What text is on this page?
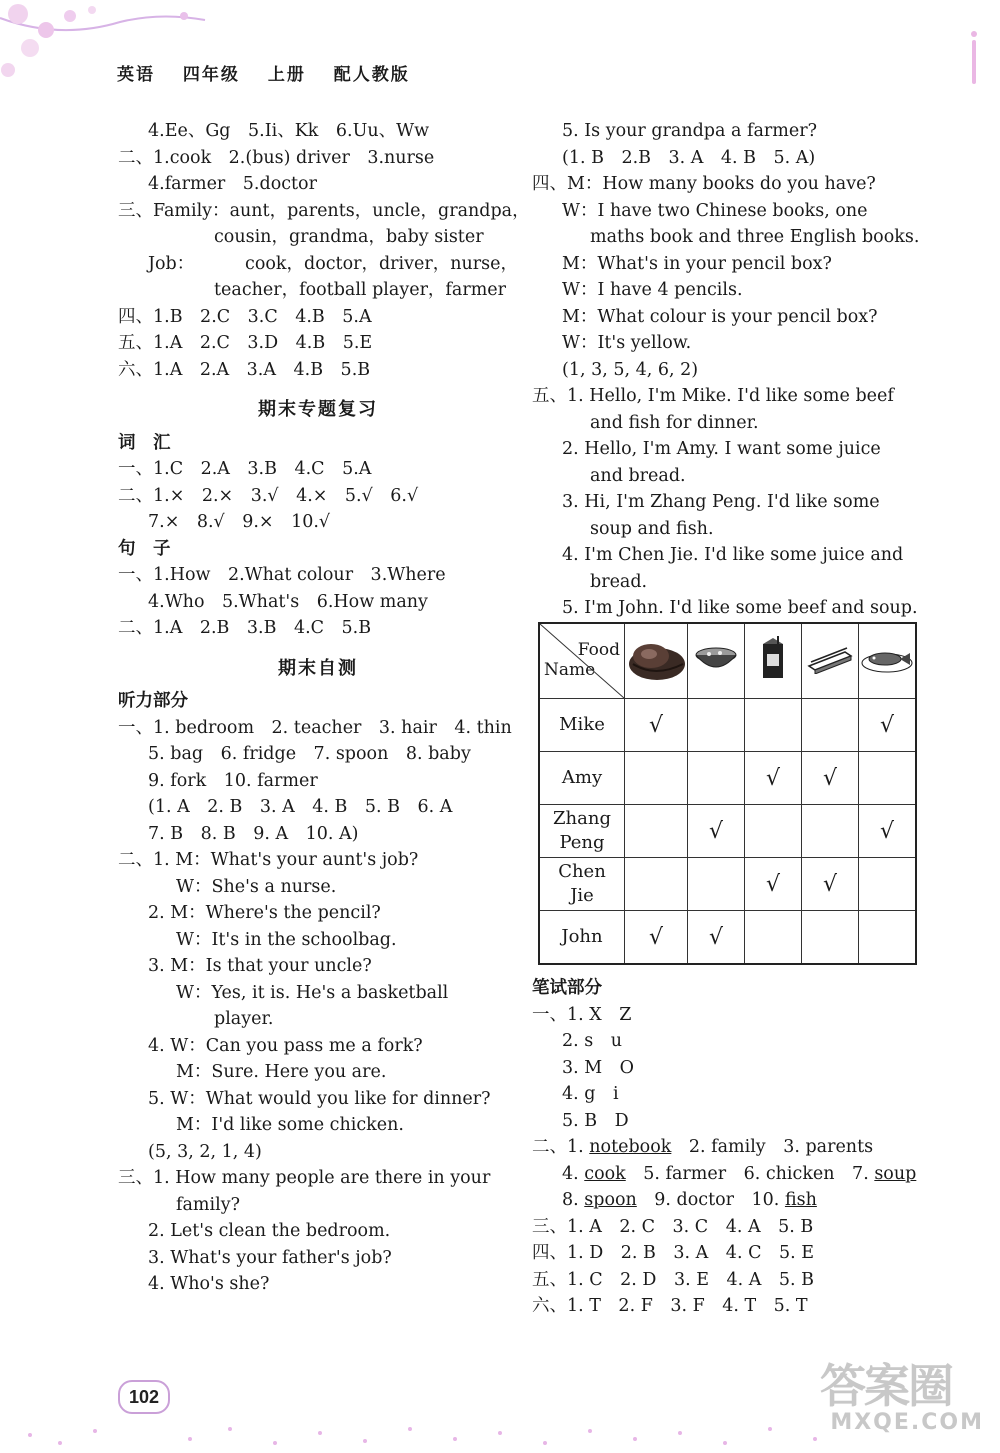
英语 四年级 上册 配人教版
4.Ee、Gg　5.Ii、Kk　6.Uu、Ww
二、1.cook　2.(bus) driver　3.nurse
4.farmer　5.doctor
三、Family： aunt，parents，uncle，grandpa，
cousin，grandma，baby sister
Job：	cook，doctor，driver，nurse，
teacher，football player，farmer
四、1.B　2.C　3.C　4.B　5.A
五、1.A　2.C　3.D　4.B　5.E
六、1.A　2.A　3.A　4.B　5.B
期末专题复习
词　汇
一、1.C　2.A　3.B　4.C　5.A
二、1.×　2.×　3.√　4.×　5.√　6.√
7.×　8.√　9.×　10.√
句　子
一、1.How　2.What colour　3.Where
4.Who　5.What's　6.How many
二、1.A　2.B　3.B　4.C　5.B
期末自测
听力部分
一、1. bedroom　2. teacher　3. hair　4. thin
5. bag　6. fridge　7. spoon　8. baby
9. fork　10. farmer
(1. A　2. B　3. A　4. B　5. B　6. A
7. B　8. B　9. A　10. A)
二、1. M：What's your aunt's job?
W：She's a nurse.
2. M：Where's the pencil?
W：It's in the schoolbag.
3. M：Is that your uncle?
W：Yes, it is. He's a basketball
player.
4. W：Can you pass me a fork?
M：Sure. Here you are.
5. W：What would you like for dinner?
M：I'd like some chicken.
(5, 3, 2, 1, 4)
三、1. How many people are there in your
family?
2. Let's clean the bedroom.
3. What's your father's job?
4. Who's she?
5. Is your grandpa a farmer?
(1. B　2.B　3. A　4. B　5. A)
四、M：How many books do you have?
W：I have two Chinese books, one
maths book and three English books.
M：What's in your pencil box?
W：I have 4 pencils.
M：What colour is your pencil box?
W：It's yellow.
(1, 3, 5, 4, 6, 2)
五、1. Hello, I'm Mike. I'd like some beef
and fish for dinner.
2. Hello, I'm Amy. I want some juice
and bread.
3. Hi, I'm Zhang Peng. I'd like some
soup and fish.
4. I'm Chen Jie. I'd like some juice and
bread.
5. I'm John. I'd like some beef and soup.
Food
Name

Mike	√				√
Amy			√	√	
Zhang
Peng		√			√
Chen
Jie			√	√	
John	√	√			
笔试部分
一、1. X　Z
2. s　u
3. M　O
4. g　i
5. B　D
二、1. notebook　2. family　3. parents
4. cook　5. farmer　6. chicken　7. soup
8. spoon　9. doctor　10. fish
三、1. A　2. C　3. C　4. A　5. B
四、1. D　2. B　3. A　4. C　5. E
五、1. C　2. D　3. E　4. A　5. B
六、1. T　2. F　3. F　4. T　5. T
102	答案圈
MXQE.COM
